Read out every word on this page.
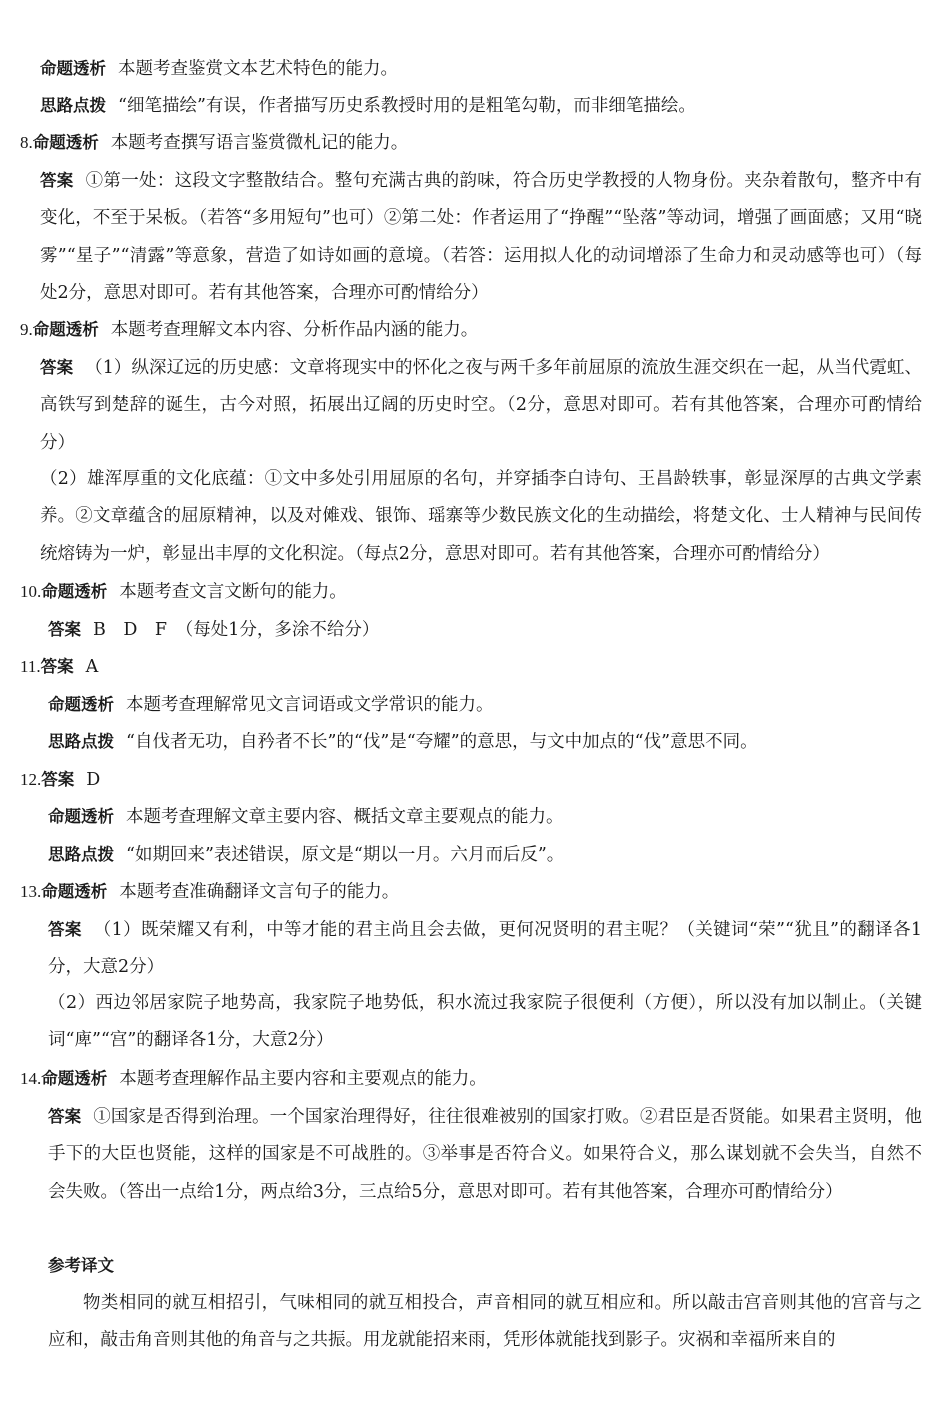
命题透析 本题考查鉴赏文本艺术特色的能力。
思路点拨 “细笔描绘”有误，作者描写历史系教授时用的是粗笔勾勒，而非细笔描绘。
8.命题透析 本题考查撰写语言鉴赏微札记的能力。
答案 ①第一处：这段文字整散结合。整句充满古典的韵味，符合历史学教授的人物身份。夹杂着散句，整齐中有变化，不至于呆板。（若答“多用短句”也可）②第二处：作者运用了“挣醒”“坠落”等动词，增强了画面感；又用“晓雾”“星子”“清露”等意象，营造了如诗如画的意境。（若答：运用拟人化的动词增添了生命力和灵动感等也可）（每处2分，意思对即可。若有其他答案，合理亦可酌情给分）
9.命题透析 本题考查理解文本内容、分析作品内涵的能力。
答案 （1）纵深辽远的历史感：文章将现实中的怀化之夜与两千多年前屈原的流放生涯交织在一起，从当代霓虹、高铁写到楚辞的诞生，古今对照，拓展出辽阔的历史时空。（2分，意思对即可。若有其他答案，合理亦可酌情给分）
（2）雄浑厚重的文化底蕴：①文中多处引用屈原的名句，并穿插李白诗句、王昌龄轶事，彰显深厚的古典文学素养。②文章蕴含的屈原精神，以及对傩戏、银饰、瑶寨等少数民族文化的生动描绘，将楚文化、士人精神与民间传统熔铸为一炉，彰显出丰厚的文化积淀。（每点2分，意思对即可。若有其他答案，合理亦可酌情给分）
10.命题透析 本题考查文言文断句的能力。
答案 B　D　F　（每处1分，多涂不给分）
11.答案 A
命题透析 本题考查理解常见文言词语或文学常识的能力。
思路点拨 “自伐者无功，自矜者不长”的“伐”是“夸耀”的意思，与文中加点的“伐”意思不同。
12.答案 D
命题透析 本题考查理解文章主要内容、概括文章主要观点的能力。
思路点拨 “如期回来”表述错误，原文是“期以一月。六月而后反”。
13.命题透析 本题考查准确翻译文言句子的能力。
答案 （1）既荣耀又有利，中等才能的君主尚且会去做，更何况贤明的君主呢？（关键词“荣”“犹且”的翻译各1分，大意2分）
（2）西边邻居家院子地势高，我家院子地势低，积水流过我家院子很便利（方便），所以没有加以制止。（关键词“庳”“宫”的翻译各1分，大意2分）
14.命题透析 本题考查理解作品主要内容和主要观点的能力。
答案 ①国家是否得到治理。一个国家治理得好，往往很难被别的国家打败。②君臣是否贤能。如果君主贤明，他手下的大臣也贤能，这样的国家是不可战胜的。③举事是否符合义。如果符合义，那么谋划就不会失当，自然不会失败。（答出一点给1分，两点给3分，三点给5分，意思对即可。若有其他答案，合理亦可酌情给分）
参考译文
物类相同的就互相招引，气味相同的就互相投合，声音相同的就互相应和。所以敲击宫音则其他的宫音与之应和，敲击角音则其他的角音与之共振。用龙就能招来雨，凭形体就能找到影子。灾祸和幸福所来自的
